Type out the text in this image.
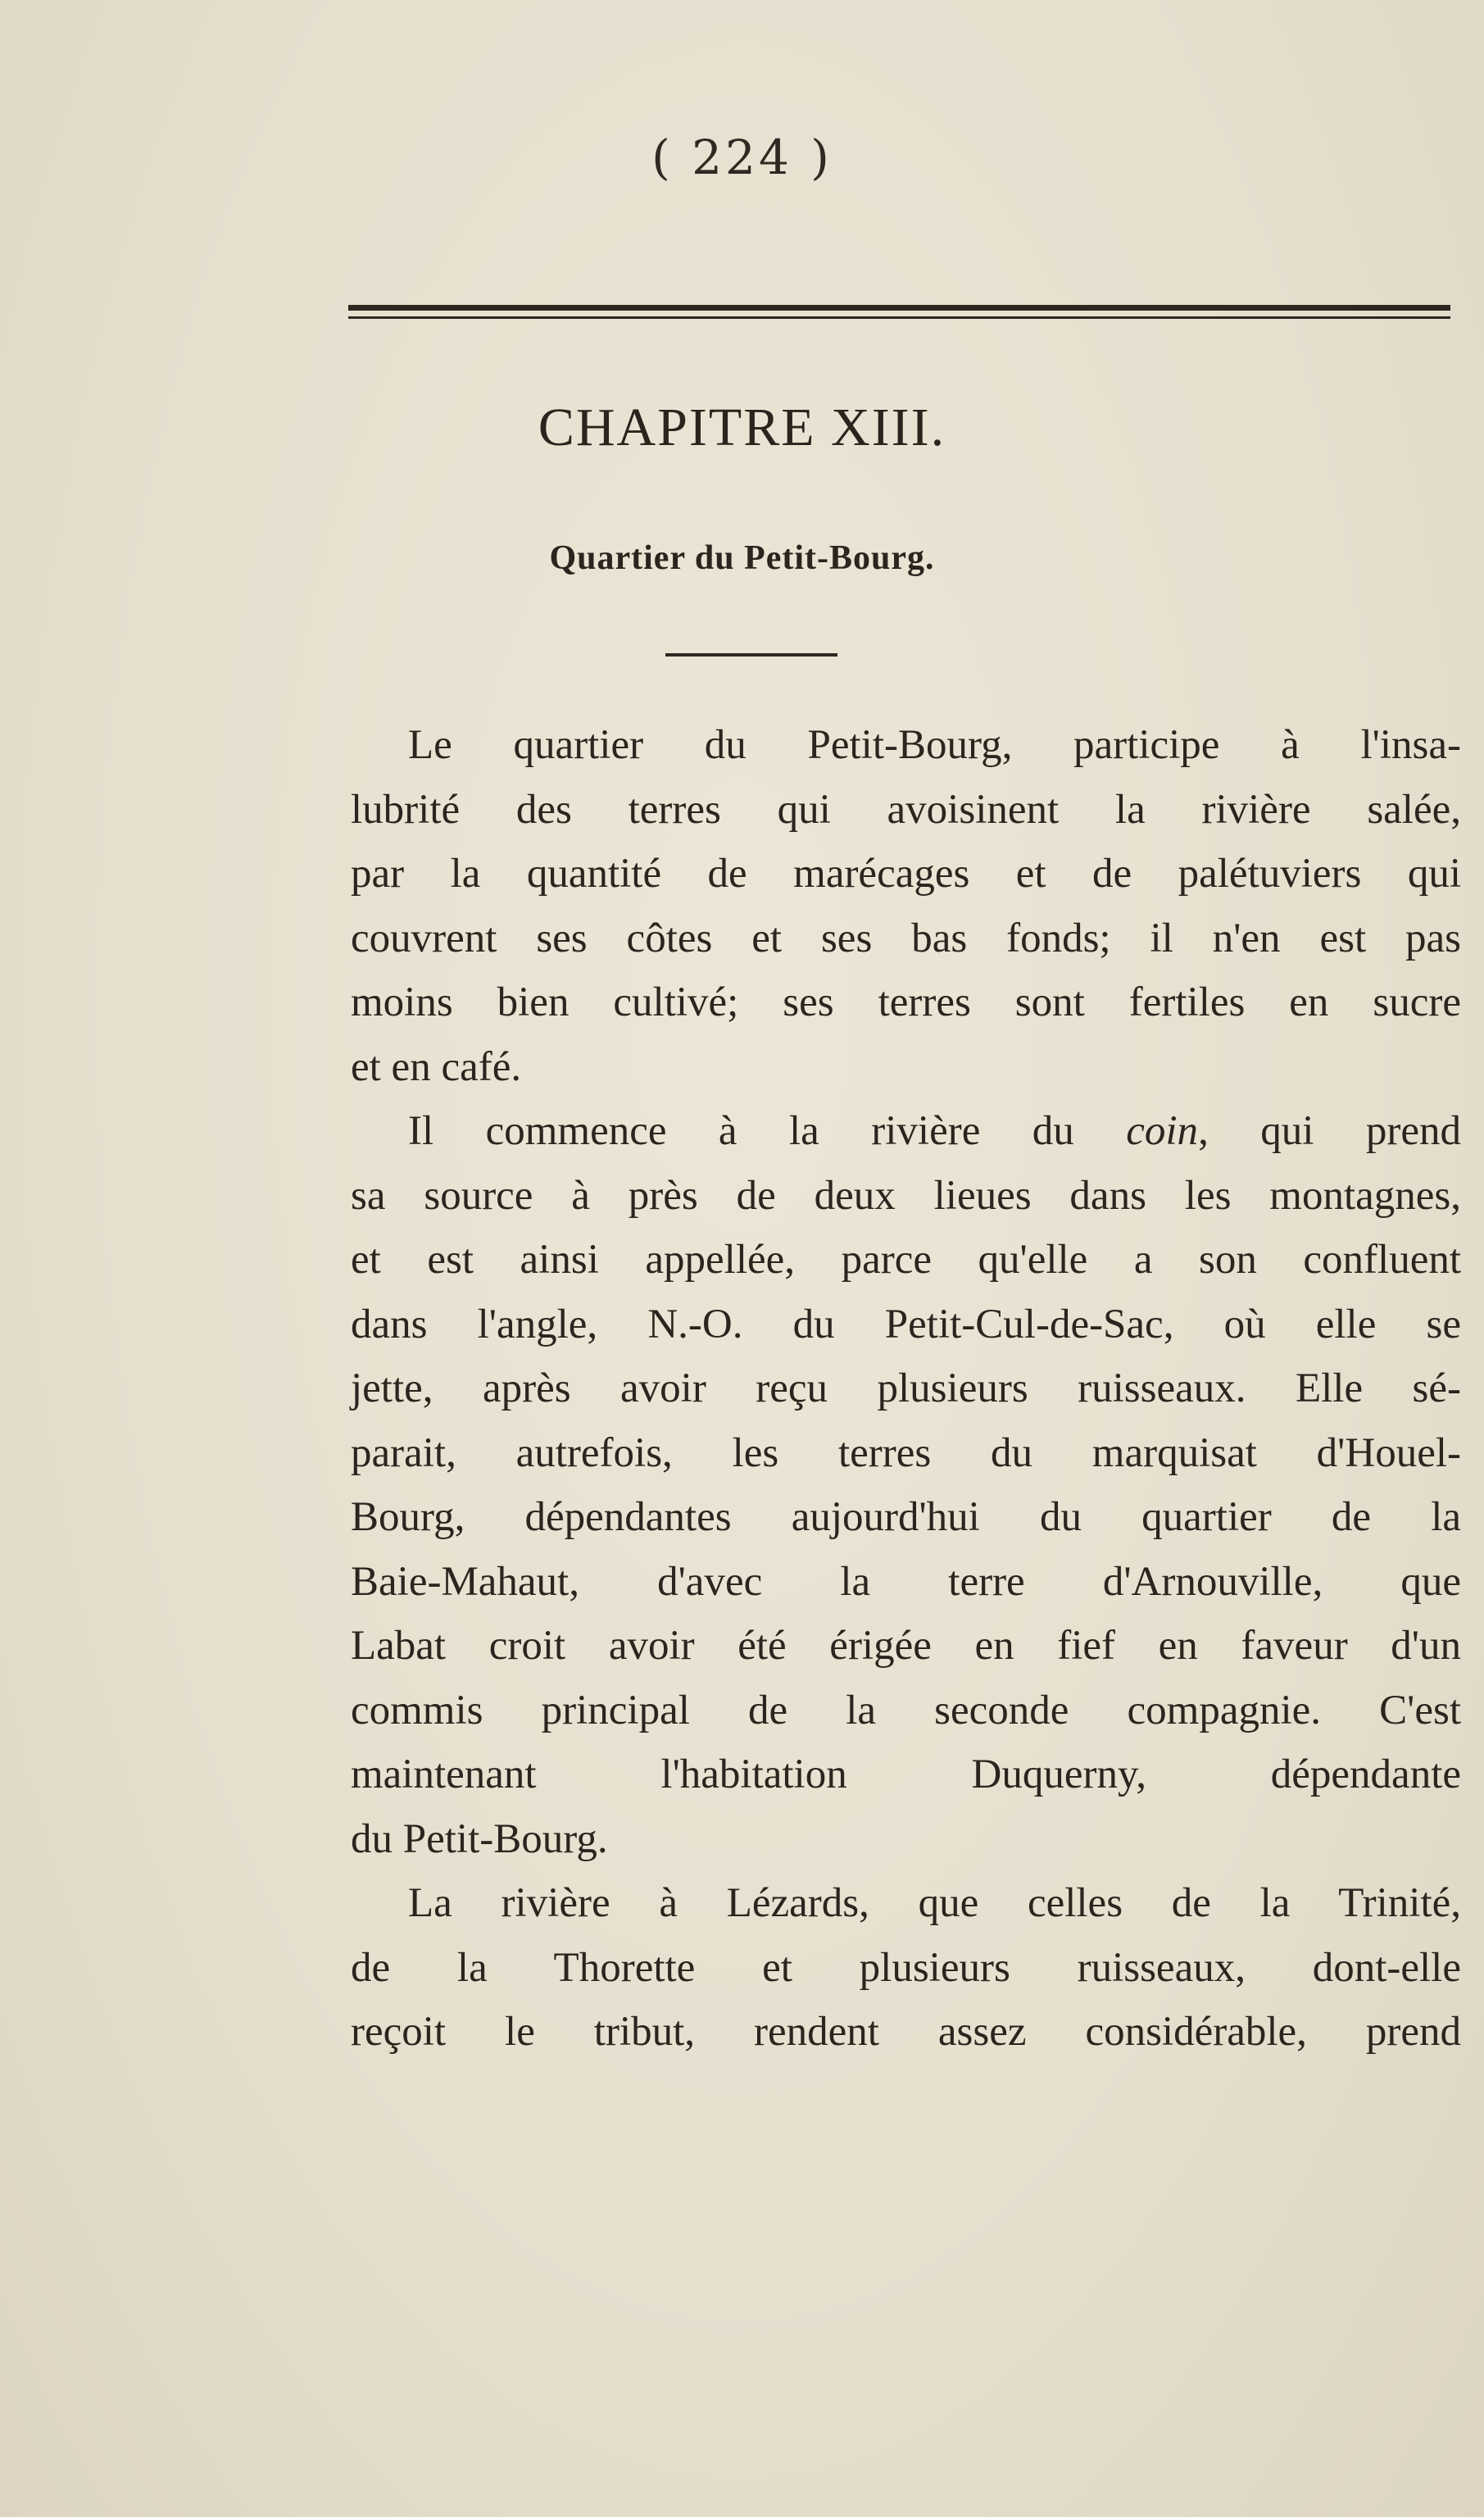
( 224 )
CHAPITRE XIII.
Quartier du Petit-Bourg.
Le quartier du Petit-Bourg, participe à l'insa-
lubrité des terres qui avoisinent la rivière salée,
par la quantité de marécages et de palétuviers qui
couvrent ses côtes et ses bas fonds; il n'en est pas
moins bien cultivé; ses terres sont fertiles en sucre
et en café.
Il commence à la rivière du coin, qui prend
sa source à près de deux lieues dans les montagnes,
et est ainsi appellée, parce qu'elle a son confluent
dans l'angle, N.-O. du Petit-Cul-de-Sac, où elle se
jette, après avoir reçu plusieurs ruisseaux. Elle sé-
parait, autrefois, les terres du marquisat d'Houel-
Bourg, dépendantes aujourd'hui du quartier de la
Baie-Mahaut, d'avec la terre d'Arnouville, que
Labat croit avoir été érigée en fief en faveur d'un
commis principal de la seconde compagnie. C'est
maintenant l'habitation Duquerny, dépendante
du Petit-Bourg.
La rivière à Lézards, que celles de la Trinité,
de la Thorette et plusieurs ruisseaux, dont-elle
reçoit le tribut, rendent assez considérable, prend
